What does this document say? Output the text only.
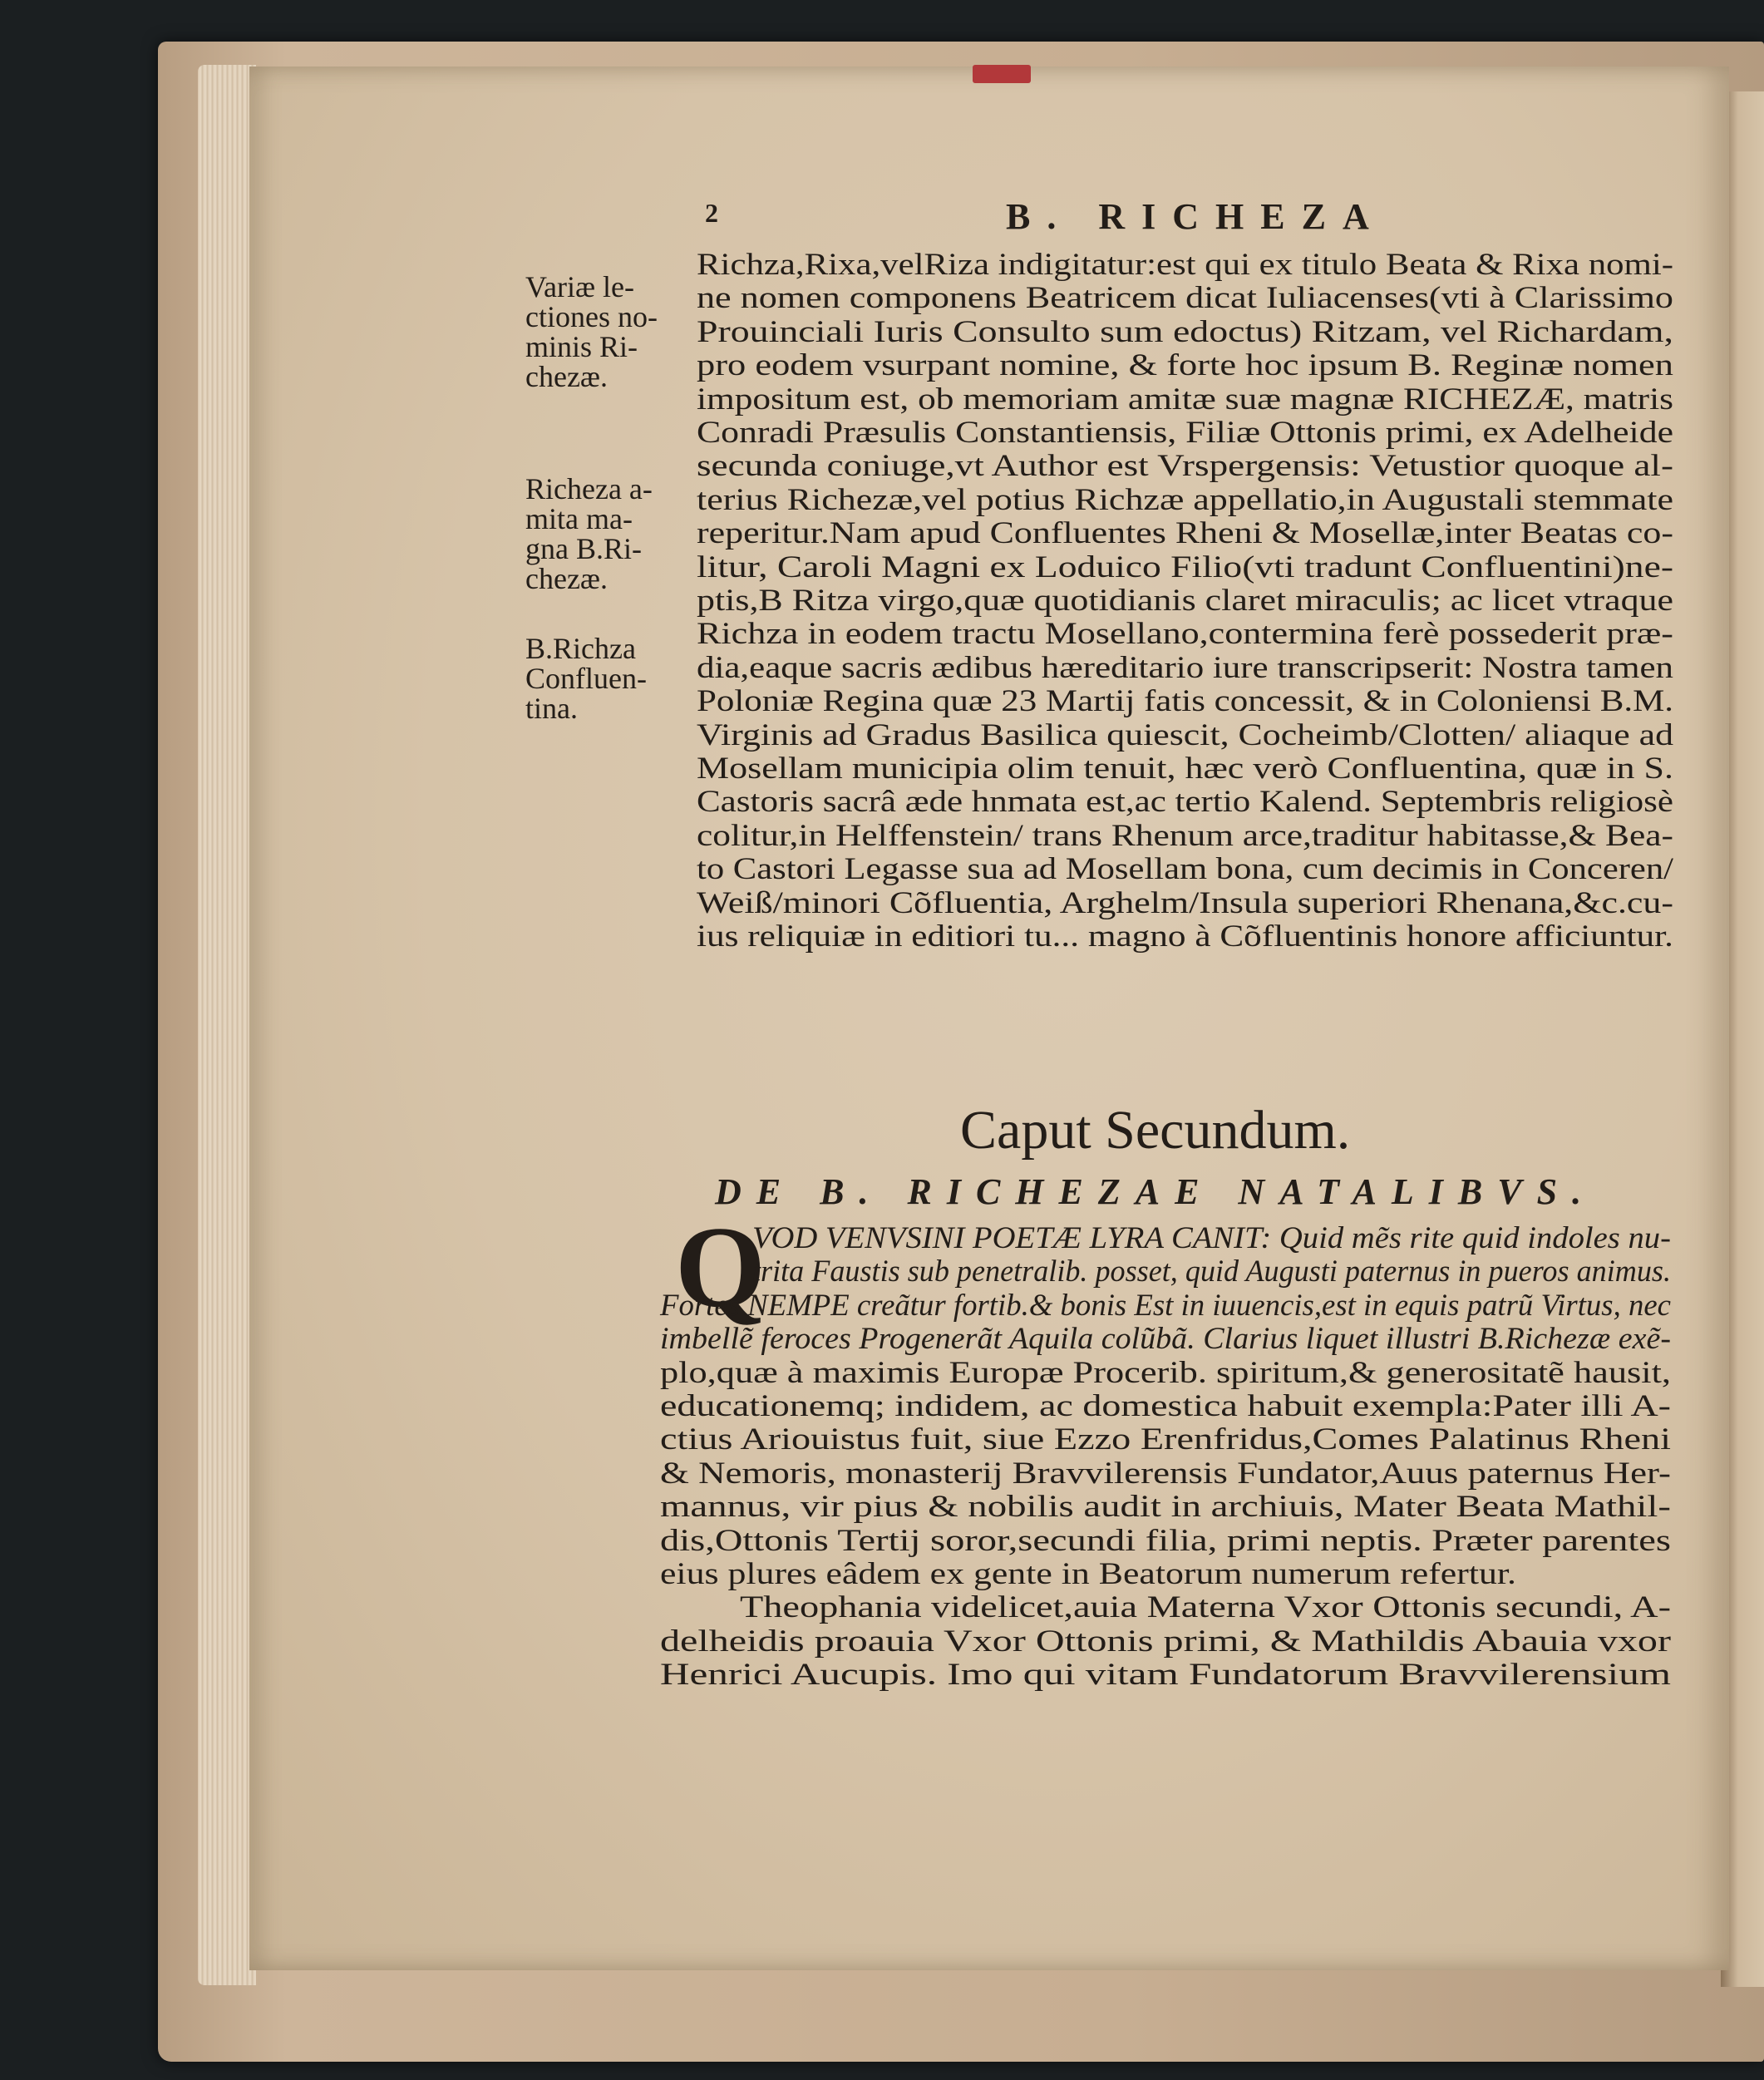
2	B. RICHEZA
Variæ le-
ctiones no-
minis Ri-
chezæ.
Richeza a-
mita ma-
gna B.Ri-
chezæ.
B.Richza
Confluen-
tina.
Richza,Rixa,velRiza indigitatur:est qui ex titulo Beata & Rixa nomi-
ne nomen componens Beatricem dicat Iuliacenses(vti à Clarissimo
Prouinciali Iuris Consulto sum edoctus) Ritzam, vel Richardam,
pro eodem vsurpant nomine, & forte hoc ipsum B. Reginæ nomen
impositum est, ob memoriam amitæ suæ magnæ RICHEZÆ, matris
Conradi Præsulis Constantiensis, Filiæ Ottonis primi, ex Adelheide
secunda coniuge,vt Author est Vrspergensis: Vetustior quoque al-
terius Richezæ,vel potius Richzæ appellatio,in Augustali stemmate
reperitur.Nam apud Confluentes Rheni & Mosellæ,inter Beatas co-
litur, Caroli Magni ex Loduico Filio(vti tradunt Confluentini)ne-
ptis,B Ritza virgo,quæ quotidianis claret miraculis; ac licet vtraque
Richza in eodem tractu Mosellano,contermina ferè possederit præ-
dia,eaque sacris ædibus hæreditario iure transcripserit: Nostra tamen
Poloniæ Regina quæ 23 Martij fatis concessit, & in Coloniensi B.M.
Virginis ad Gradus Basilica quiescit, Cocheimb/Clotten/ aliaque ad
Mosellam municipia olim tenuit, hæc verò Confluentina, quæ in S.
Castoris sacrâ æde hnmata est,ac tertio Kalend. Septembris religiosè
colitur,in Helffenstein/ trans Rhenum arce,traditur habitasse,& Bea-
to Castori Legasse sua ad Mosellam bona, cum decimis in Conceren/
Weiß/minori Cõfluentia, Arghelm/Insula superiori Rhenana,&c.cu-
ius reliquiæ in editiori tu... magno à Cõfluentinis honore afficiuntur.
Caput Secundum.
DE B. RICHEZAE NATALIBVS.
Q
VOD VENVSINI POETÆ LYRA CANIT: Quid mẽs rite quid indoles nu-
trita Faustis sub penetralib. posset, quid Augusti paternus in pueros animus.
Fortes NEMPE creãtur fortib.& bonis Est in iuuencis,est in equis patrũ Virtus, nec
imbellẽ feroces Progenerãt Aquila colũbã. Clarius liquet illustri B.Richezæ exẽ-
plo,quæ à maximis Europæ Procerib. spiritum,& generositatẽ hausit,
educationemq; indidem, ac domestica habuit exempla:Pater illi A-
ctius Ariouistus fuit, siue Ezzo Erenfridus,Comes Palatinus Rheni
& Nemoris, monasterij Bravvilerensis Fundator,Auus paternus Her-
mannus, vir pius & nobilis audit in archiuis, Mater Beata Mathil-
dis,Ottonis Tertij soror,secundi filia, primi neptis. Præter parentes
eius plures eâdem ex gente in Beatorum numerum refertur.
Theophania videlicet,auia Materna Vxor Ottonis secundi, A-
delheidis proauia Vxor Ottonis primi, & Mathildis Abauia vxor
Henrici Aucupis. Imo qui vitam Fundatorum Bravvilerensium
